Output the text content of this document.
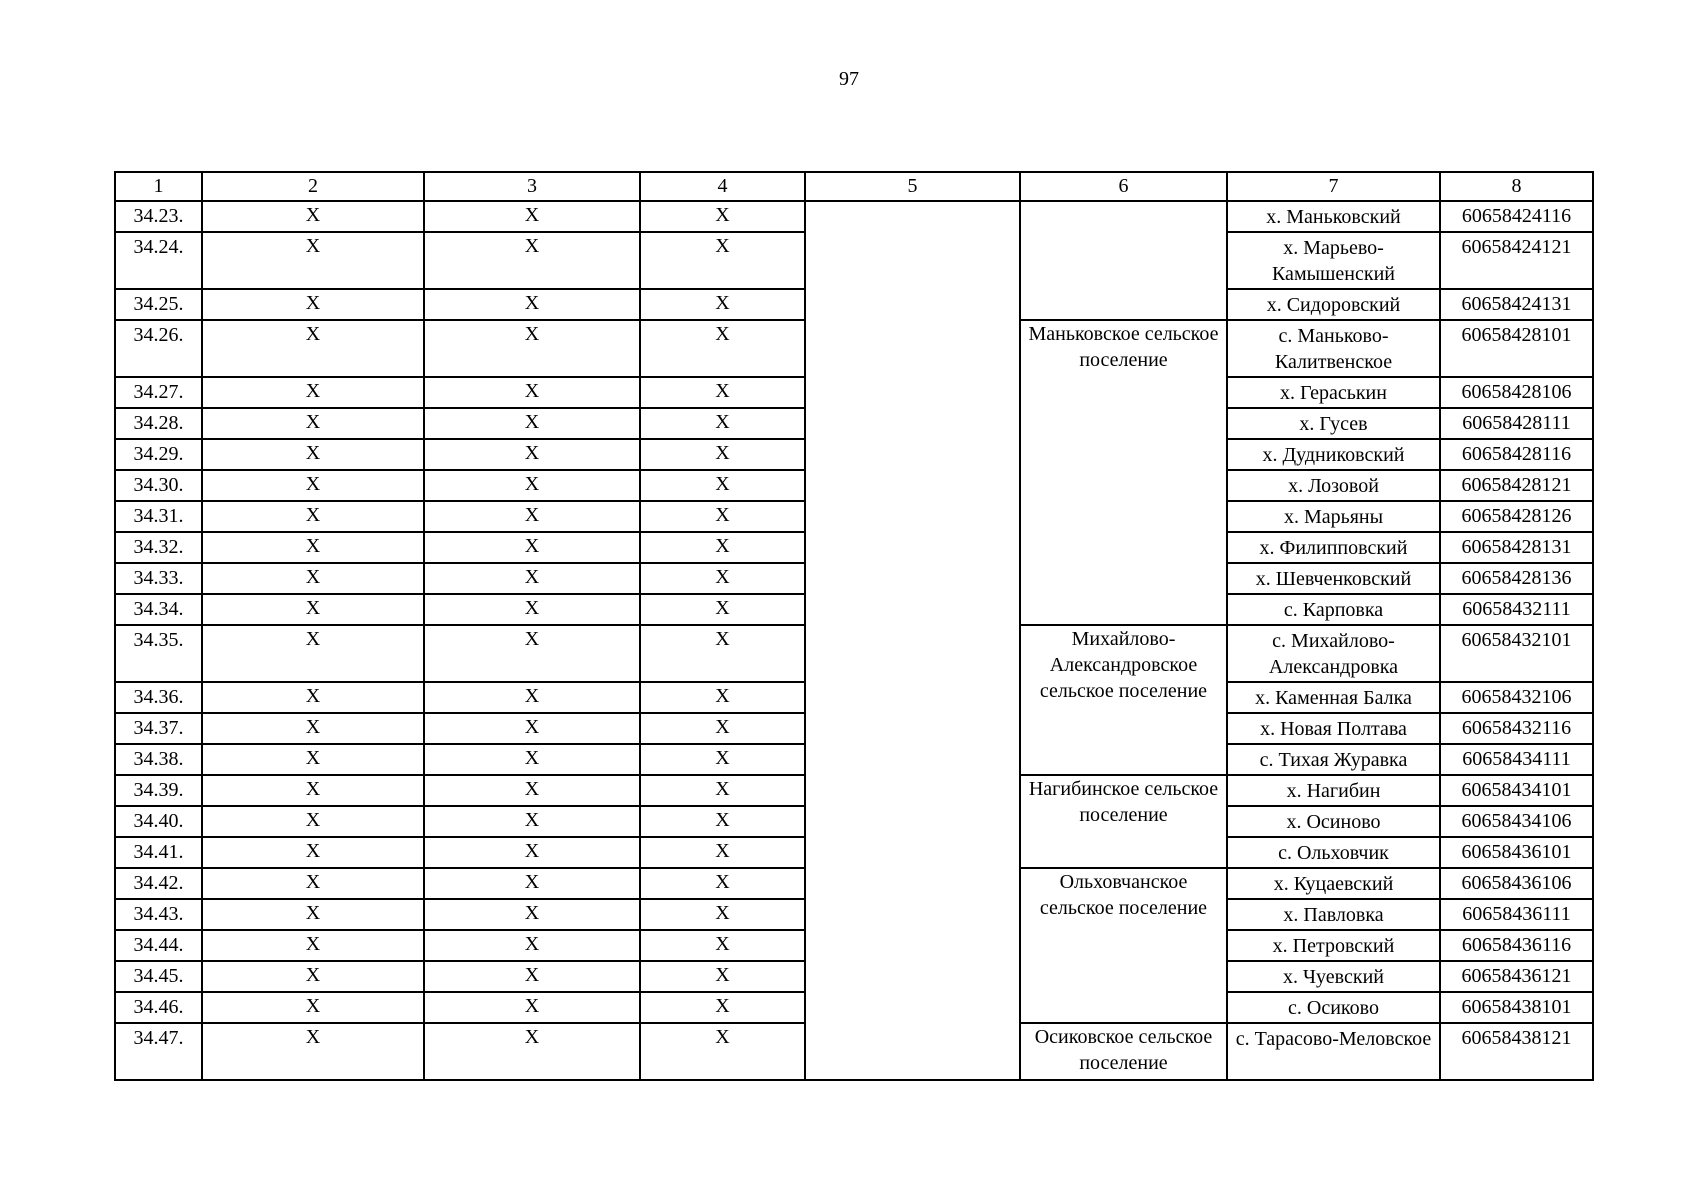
97
1	2	3	4	5	6	7	8
34.23.	X	X	X			х. Маньковский	60658424116
34.24.	X	X	X			х. Марьево-Камышенский	60658424121
34.25.	X	X	X			х. Сидоровский	60658424131
34.26.	X	X	X		Маньковское сельское поселение	с. Маньково-Калитвенское	60658428101
34.27.	X	X	X			х. Гераськин	60658428106
34.28.	X	X	X			х. Гусев	60658428111
34.29.	X	X	X			х. Дудниковский	60658428116
34.30.	X	X	X			х. Лозовой	60658428121
34.31.	X	X	X			х. Марьяны	60658428126
34.32.	X	X	X			х. Филипповский	60658428131
34.33.	X	X	X			х. Шевченковский	60658428136
34.34.	X	X	X			с. Карповка	60658432111
34.35.	X	X	X		Михайлово-Александровское сельское поселение	с. Михайлово-Александровка	60658432101
34.36.	X	X	X			х. Каменная Балка	60658432106
34.37.	X	X	X			х. Новая Полтава	60658432116
34.38.	X	X	X			с. Тихая Журавка	60658434111
34.39.	X	X	X		Нагибинское сельское поселение	х. Нагибин	60658434101
34.40.	X	X	X			х. Осиново	60658434106
34.41.	X	X	X			с. Ольховчик	60658436101
34.42.	X	X	X		Ольховчанское сельское поселение	х. Куцаевский	60658436106
34.43.	X	X	X			х. Павловка	60658436111
34.44.	X	X	X			х. Петровский	60658436116
34.45.	X	X	X			х. Чуевский	60658436121
34.46.	X	X	X			с. Осиково	60658438101
34.47.	X	X	X		Осиковское сельское поселение	с. Тарасово-Меловское	60658438121
